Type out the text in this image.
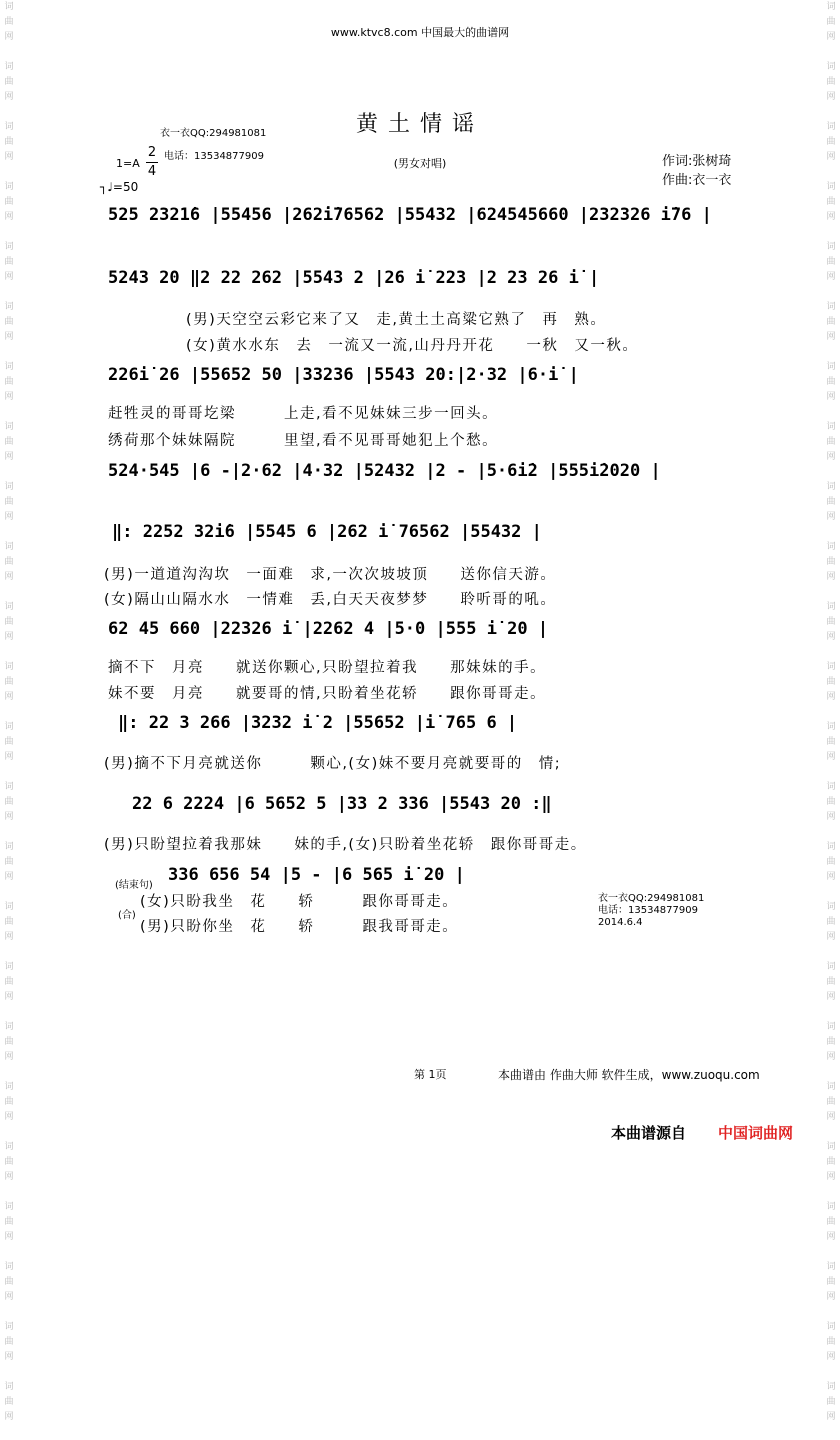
词
曲
网

词
曲
网

词
曲
网

词
曲
网

词
曲
网

词
曲
网

词
曲
网

词
曲
网

词
曲
网

词
曲
网

词
曲
网

词
曲
网

词
曲
网

词
曲
网

词
曲
网

词
曲
网

词
曲
网

词
曲
网

词
曲
网

词
曲
网

词
曲
网

词
曲
网

词
曲
网

词
曲
网

词
曲
网

词
曲
网

词
曲
网

词
曲
网

词
曲
网

词
曲
网

词
曲
网

词
曲
网

词
曲
网

词
曲
网

词
曲
网

词
曲
网

词
曲
网

词
曲
网

词
曲
网

词
曲
网

词
曲
网

词
曲
网

词
曲
网

词
曲
网

词
曲
网

词
曲
网

词
曲
网

词
曲
网

www.ktvc8.com 中国最大的曲谱网
黄土情谣
衣一衣QQ:294981081
电话：13534877909
1=A
2
4
┐♩=50
(男女对唱)	作词:张树琦
作曲:衣一衣
525 2321̇6 |55456 |262̇i̇76562 |55432 |624545660 |232326 i̇76 |
5243 20 ‖2 22 262 |5543 2 |26 i̇ 223 |2 23 26 i̇ |
(男)天空空云彩它来了又　走,黄土土高粱它熟了　再　熟。
(女)黄水水东　去　一流又一流,山丹丹开花　　一秋　又一秋。
226i̇ 26 |55652 50 |33236 |5543 20:|2·32 |6·i̇ |
赶牲灵的哥哥圪梁　　　上走,看不见妹妹三步一回头。
绣荷那个妹妹隔院　　　里望,看不见哥哥她犯上个愁。
524·545 |6 -|2·62 |4·32 |52432 |2 - |5·6i̇2 |555i̇2020 |
‖: 2252 32i̇6 |5545 6 |262 i̇ 76562 |55432 |
(男)一道道沟沟坎　一面难　求,一次次坡坡顶　　送你信天游。
(女)隔山山隔水水　一情难　丢,白天天夜梦梦　　聆听哥的吼。
62 45 660 |22326 i̇ |2262 4 |5·0 |555 i̇ 20 |
摘不下　月亮　　就送你颗心,只盼望拉着我　　那妹妹的手。
妹不要　月亮　　就要哥的情,只盼着坐花轿　　跟你哥哥走。
‖: 22 3 266 |3232 i̇ 2 |55652 |i̇ 765 6 |
(男)摘不下月亮就送你　　　颗心,(女)妹不要月亮就要哥的　情;
22 6 2224 |6 5652 5 |33 2 336 |5543 20 :‖
(男)只盼望拉着我那妹　　妹的手,(女)只盼着坐花轿　跟你哥哥走。
(结束句)
336 656 54 |5 - |6 565 i̇ 20 |
(女)只盼我坐　花　　轿　　　跟你哥哥走。
(合)
(男)只盼你坐　花　　轿　　　跟我哥哥走。
衣一衣QQ:294981081
电话：13534877909
2014.6.4
第 1页	本曲谱由 作曲大师 软件生成，www.zuoqu.com
本曲谱源自 中国词曲网
